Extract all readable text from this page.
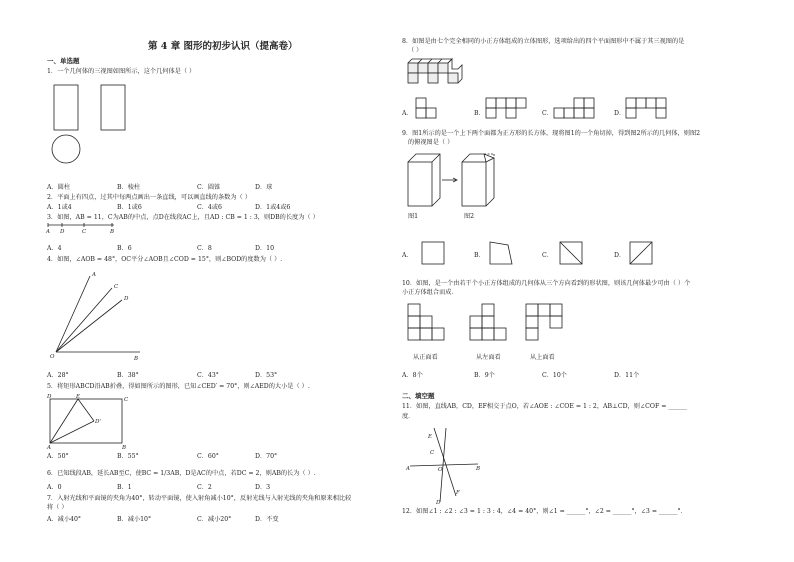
第 4 章 图形的初步认识（提高卷）
一、单选题
1．一个几何体的三视图如图所示，这个几何体是（ ）
A．圆柱	B．棱柱	C．圆锥	D．球
2．平面上有四点，过其中每两点画出一条直线，可以画直线的条数为（ ）
A．1或4	B．1或6	C．4或6	D．1或4或6
3．如图，AB = 11，C为AB的中点，点D在线段AC上，且AD : CB = 1 : 3，则DB的长度为（ ）
A D	C	B
A．4	B．6	C．8	D．10
4．如图，∠AOB = 48°，OC平分∠AOB且∠COD = 15°，则∠BOD的度数为（ ）.
A
C
D
O	B
A．28°	B．38°	C．43°	D．53°
5．将矩形ABCD沿AB折叠，得如图所示的图形，已知∠CED′ = 70°，则∠AED的大小是（ ）.
D	E	C
D'
A	B
A．50°	B．55°	C．60°	D．70°
6．已知线段AB，延长AB至C，使BC = 1/3AB，D是AC的中点，若DC = 2，则AB的长为（ ）.
A．0	B．1	C．2	D．3
7．入射光线和平面镜的夹角为40°，转动平面镜，使入射角减小10°，反射光线与入射光线的夹角和原来相比较
将（ ）
A．减小40°	B．减小10°	C．减小20°	D．不变
8．如图是由七个完全相同的小正方体组成的立体图形，选项给出的四个平面图形中不属于其三视图的是
（ ）
A．	B．	C．	D．
9．图1所示的是一个上下两个面都为正方形的长方体，现将图1的一个角切掉，得到图2所示的几何体，则图2
的俯视图是（ ）
图1	图2
A．	B．	C．	D．
10．如图，是一个由若干个小正方体组成的几何体从三个方向看到的形状图，则该几何体最少可由（ ）个
小正方体组合而成．
从正面看	从左面看	从上面看
A．8个	B．9个	C．10个	D．11个
二、填空题
11．如图，直线AB，CD，EF相交于点O，若∠AOE : ∠COE = 1 : 2，AB⊥CD，则∠COF = ______
度．
E
C
A	O	B
D
F
12．如图∠1 : ∠2 : ∠3 = 1 : 3 : 4，∠4 = 40°，则∠1 = ______°，∠2 = ______°，∠3 = ______°．
